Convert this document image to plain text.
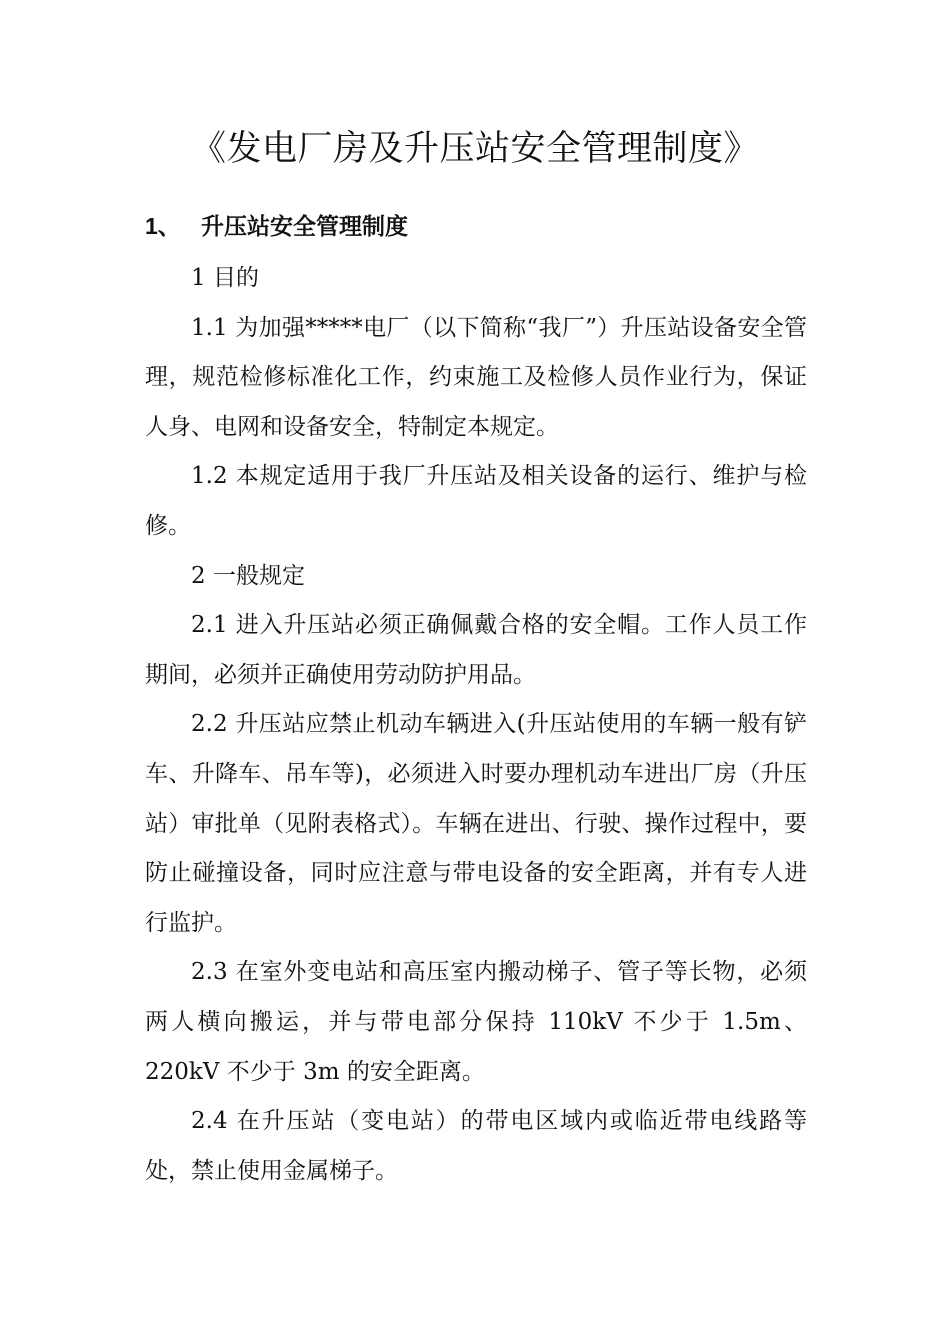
《发电厂房及升压站安全管理制度》
1、 升压站安全管理制度

1 目的

1.1 为加强*****电厂（以下简称“我厂”）升压站设备安全管理，规范检修标准化工作，约束施工及检修人员作业行为，保证人身、电网和设备安全，特制定本规定。

1.2 本规定适用于我厂升压站及相关设备的运行、维护与检修。

2 一般规定

2.1 进入升压站必须正确佩戴合格的安全帽。工作人员工作期间，必须并正确使用劳动防护用品。

2.2 升压站应禁止机动车辆进入(升压站使用的车辆一般有铲车、升降车、吊车等)，必须进入时要办理机动车进出厂房（升压站）审批单（见附表格式）。车辆在进出、行驶、操作过程中，要防止碰撞设备，同时应注意与带电设备的安全距离，并有专人进行监护。

2.3 在室外变电站和高压室内搬动梯子、管子等长物，必须两人横向搬运，并与带电部分保持 110kV 不少于 1.5m、220kV 不少于 3m 的安全距离。

2.4 在升压站（变电站）的带电区域内或临近带电线路等处，禁止使用金属梯子。
